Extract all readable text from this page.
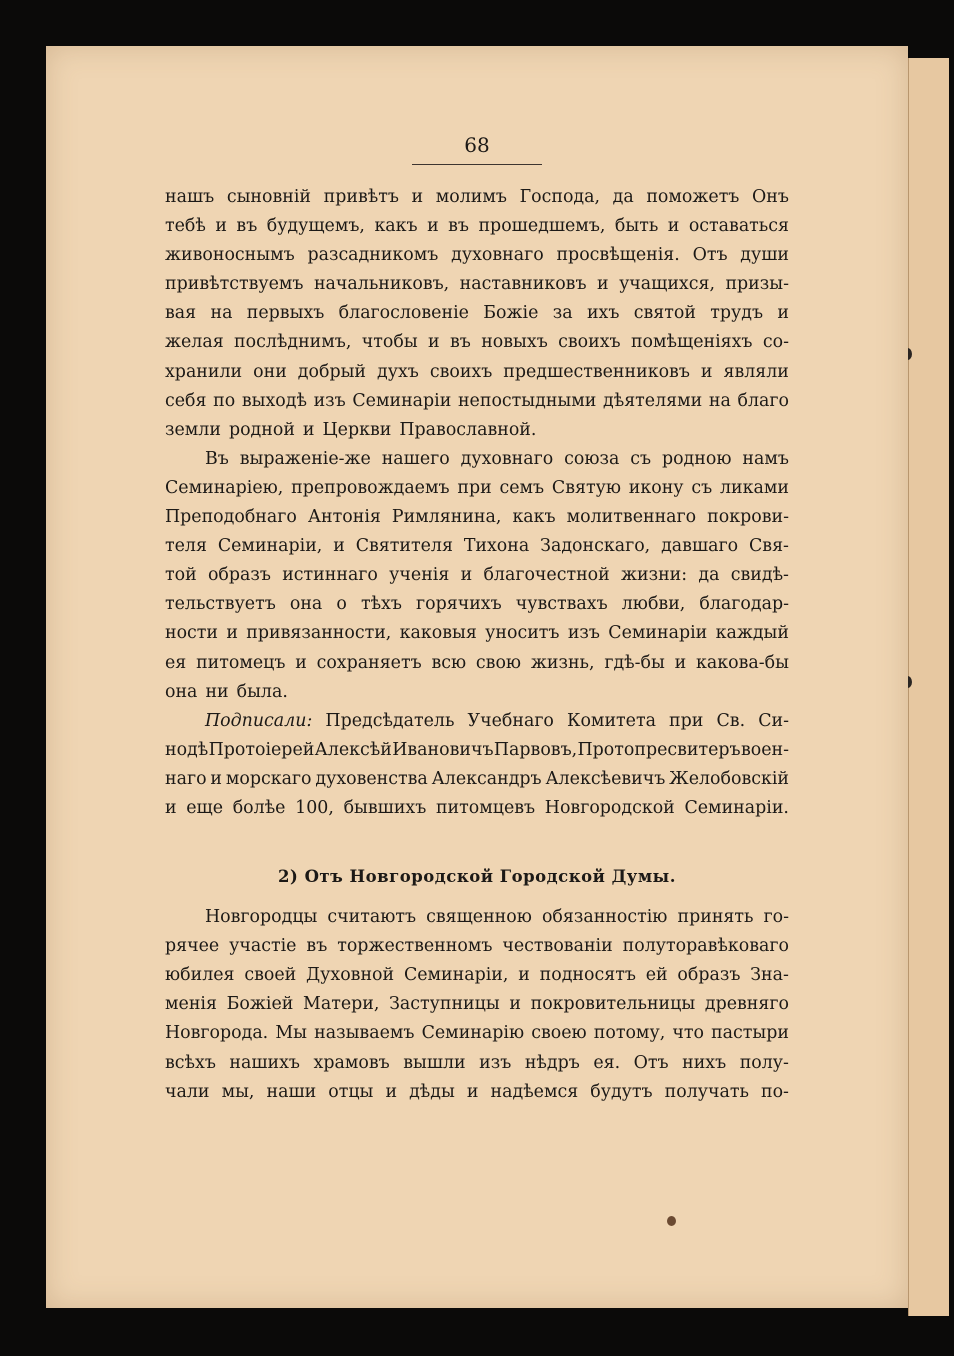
68
нашъ сыновній привѣтъ и молимъ Господа, да поможетъ Онъ
тебѣ и въ будущемъ, какъ и въ прошедшемъ, быть и оставаться
живоноснымъ разсадникомъ духовнаго просвѣщенія. Отъ души
привѣтствуемъ начальниковъ, наставниковъ и учащихся, призы-
вая на первыхъ благословеніе Божіе за ихъ святой трудъ и
желая послѣднимъ, чтобы и въ новыхъ своихъ помѣщеніяхъ со-
хранили они добрый духъ своихъ предшественниковъ и являли
себя по выходѣ изъ Семинаріи непостыдными дѣятелями на благо
земли родной и Церкви Православной.
Въ выраженіе-же нашего духовнаго союза съ родною намъ
Семинаріею, препровождаемъ при семъ Святую икону съ ликами
Преподобнаго Антонія Римлянина, какъ молитвеннаго покрови-
теля Семинаріи, и Святителя Тихона Задонскаго, давшаго Свя-
той образъ истиннаго ученія и благочестной жизни: да свидѣ-
тельствуетъ она о тѣхъ горячихъ чувствахъ любви, благодар-
ности и привязанности, каковыя уноситъ изъ Семинаріи каждый
ея питомецъ и сохраняетъ всю свою жизнь, гдѣ-бы и какова-бы
она ни была.
Подписали: Предсѣдатель Учебнаго Комитета при Св. Си-
нодѣ Протоіерей Алексѣй Ивановичъ Парвовъ, Протопресвитеръ воен-
наго и морскаго духовенства Александръ Алексѣевичъ Желобовскій
и еще болѣе 100, бывшихъ питомцевъ Новгородской Семинаріи.
2) Отъ Новгородской Городской Думы.
Новгородцы считаютъ священною обязанностію принять го-
рячее участіе въ торжественномъ чествованіи полуторавѣковаго
юбилея своей Духовной Семинаріи, и подносятъ ей образъ Зна-
менія Божіей Матери, Заступницы и покровительницы древняго
Новгорода. Мы называемъ Семинарію своею потому, что пастыри
всѣхъ нашихъ храмовъ вышли изъ нѣдръ ея. Отъ нихъ полу-
чали мы, наши отцы и дѣды и надѣемся будутъ получать по-
